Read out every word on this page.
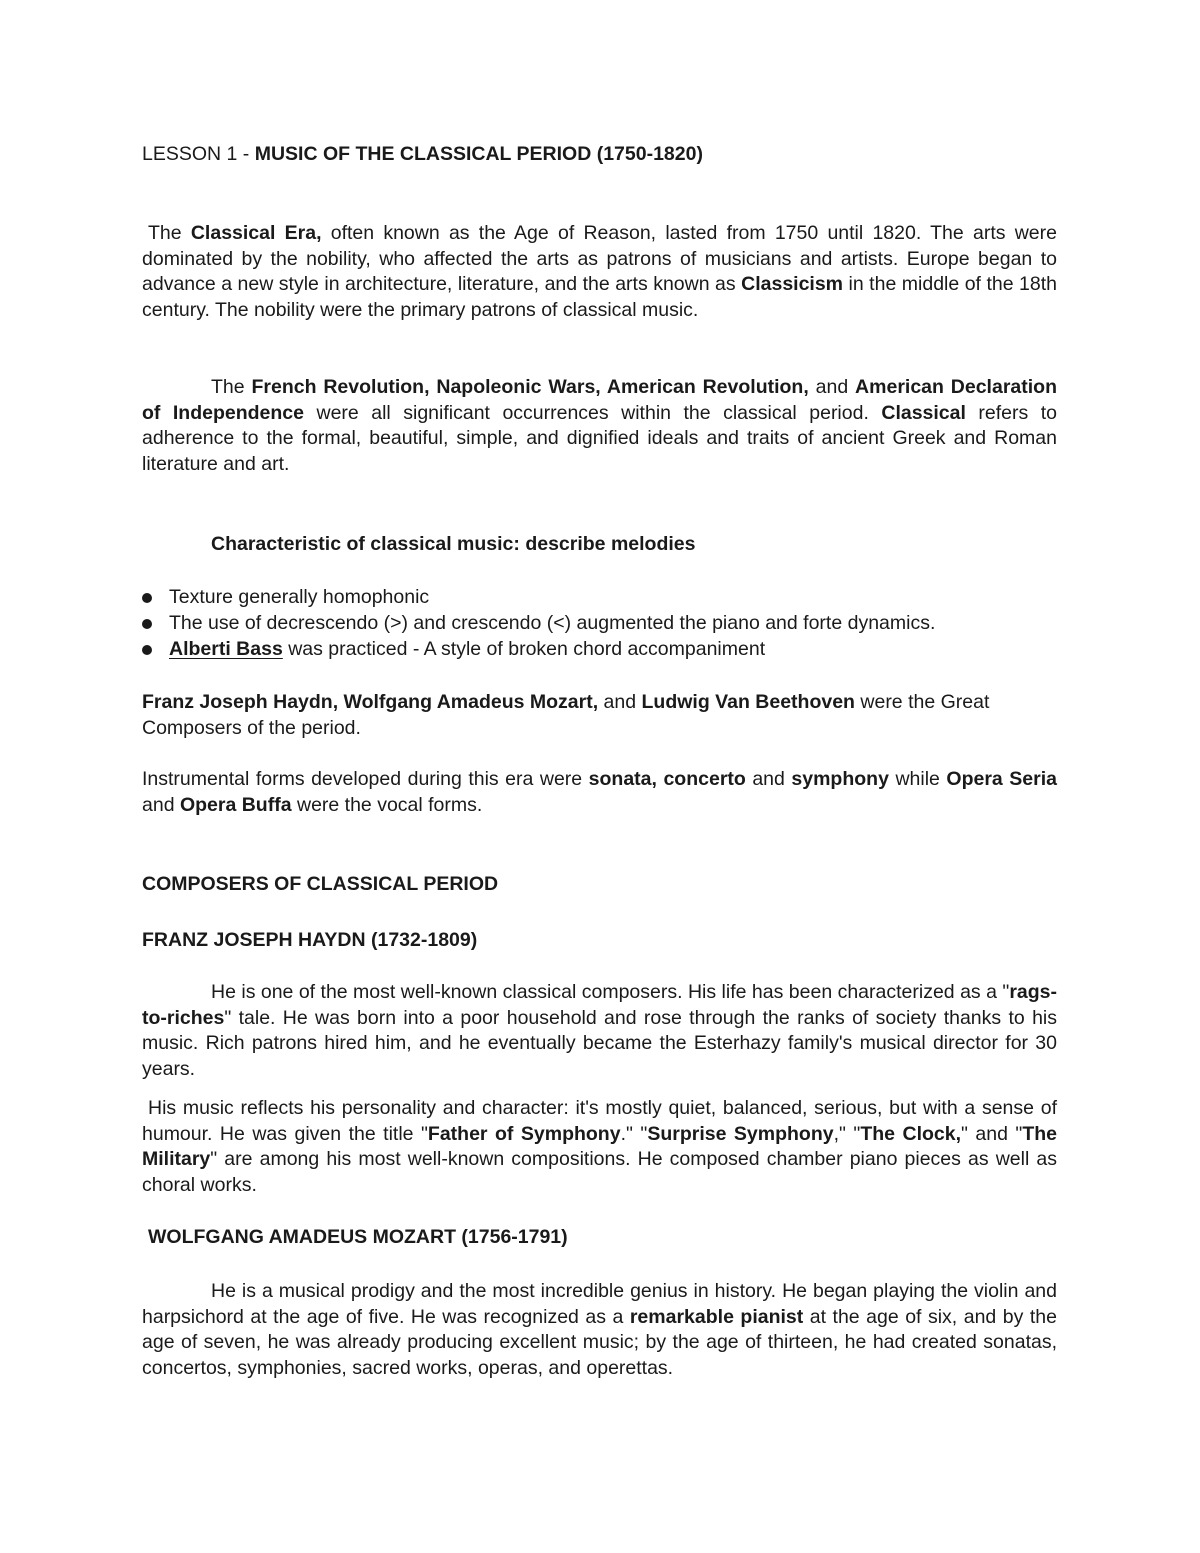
LESSON 1 - MUSIC OF THE CLASSICAL PERIOD (1750-1820)

The Classical Era, often known as the Age of Reason, lasted from 1750 until 1820. The arts were dominated by the nobility, who affected the arts as patrons of musicians and artists. Europe began to advance a new style in architecture, literature, and the arts known as Classicism in the middle of the 18th century. The nobility were the primary patrons of classical music.

The French Revolution, Napoleonic Wars, American Revolution, and American Declaration of Independence were all significant occurrences within the classical period. Classical refers to adherence to the formal, beautiful, simple, and dignified ideals and traits of ancient Greek and Roman literature and art.

Characteristic of classical music: describe melodies

Texture generally homophonic
The use of decrescendo (>) and crescendo (<) augmented the piano and forte dynamics.
Alberti Bass was practiced - A style of broken chord accompaniment

Franz Joseph Haydn, Wolfgang Amadeus Mozart, and Ludwig Van Beethoven were the Great Composers of the period.

Instrumental forms developed during this era were sonata, concerto and symphony while Opera Seria and Opera Buffa were the vocal forms.

COMPOSERS OF CLASSICAL PERIOD

FRANZ JOSEPH HAYDN (1732-1809)

He is one of the most well-known classical composers. His life has been characterized as a "rags-to-riches" tale. He was born into a poor household and rose through the ranks of society thanks to his music. Rich patrons hired him, and he eventually became the Esterhazy family's musical director for 30 years.

His music reflects his personality and character: it's mostly quiet, balanced, serious, but with a sense of humour. He was given the title "Father of Symphony." "Surprise Symphony," "The Clock," and "The Military" are among his most well-known compositions. He composed chamber piano pieces as well as choral works.

WOLFGANG AMADEUS MOZART (1756-1791)

He is a musical prodigy and the most incredible genius in history. He began playing the violin and harpsichord at the age of five. He was recognized as a remarkable pianist at the age of six, and by the age of seven, he was already producing excellent music; by the age of thirteen, he had created sonatas, concertos, symphonies, sacred works, operas, and operettas.
